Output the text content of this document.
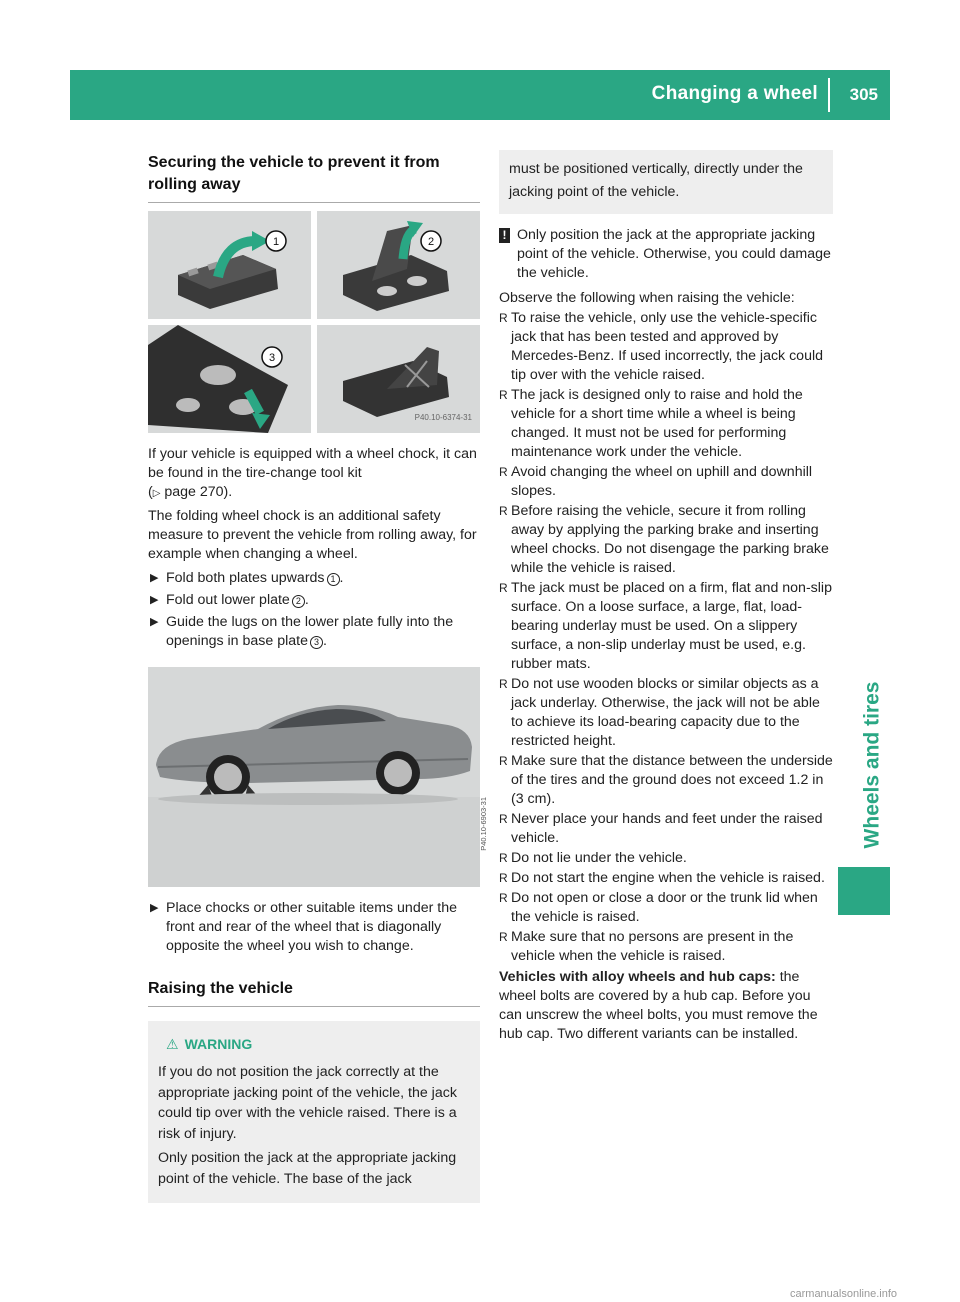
Changing a wheel 305
Wheels and tires
Securing the vehicle to prevent it from rolling away
1	2
3
P40.10-6374-31

If your vehicle is equipped with a wheel chock, it can be found in the tire-change tool kit
(▷ page 270).

The folding wheel chock is an additional safety measure to prevent the vehicle from rolling away, for example when changing a wheel.

▶ Fold both plates upwards 1 .
▶ Fold out lower plate 2 .
▶ Guide the lugs on the lower plate fully into the openings in base plate 3 .
P40.10-6903-31
▶ Place chocks or other suitable items under the front and rear of the wheel that is diagonally opposite the wheel you wish to change.
Raising the vehicle
⚠ WARNING

If you do not position the jack correctly at the appropriate jacking point of the vehicle, the jack could tip over with the vehicle raised. There is a risk of injury.

Only position the jack at the appropriate jacking point of the vehicle. The base of the jack

must be positioned vertically, directly under the jacking point of the vehicle.
! Only position the jack at the appropriate jacking point of the vehicle. Otherwise, you could damage the vehicle.

Observe the following when raising the vehicle:

R To raise the vehicle, only use the vehicle-specific jack that has been tested and approved by Mercedes-Benz. If used incorrectly, the jack could tip over with the vehicle raised.
R The jack is designed only to raise and hold the vehicle for a short time while a wheel is being changed. It must not be used for performing maintenance work under the vehicle.
R Avoid changing the wheel on uphill and downhill slopes.
R Before raising the vehicle, secure it from rolling away by applying the parking brake and inserting wheel chocks. Do not disengage the parking brake while the vehicle is raised.
R The jack must be placed on a firm, flat and non-slip surface. On a loose surface, a large, flat, load-bearing underlay must be used. On a slippery surface, a non-slip underlay must be used, e.g. rubber mats.
R Do not use wooden blocks or similar objects as a jack underlay. Otherwise, the jack will not be able to achieve its load-bearing capacity due to the restricted height.
R Make sure that the distance between the underside of the tires and the ground does not exceed 1.2 in (3 cm).
R Never place your hands and feet under the raised vehicle.
R Do not lie under the vehicle.
R Do not start the engine when the vehicle is raised.
R Do not open or close a door or the trunk lid when the vehicle is raised.
R Make sure that no persons are present in the vehicle when the vehicle is raised.

Vehicles with alloy wheels and hub caps: the wheel bolts are covered by a hub cap. Before you can unscrew the wheel bolts, you must remove the hub cap. Two different variants can be installed.

carmanualsonline.info
